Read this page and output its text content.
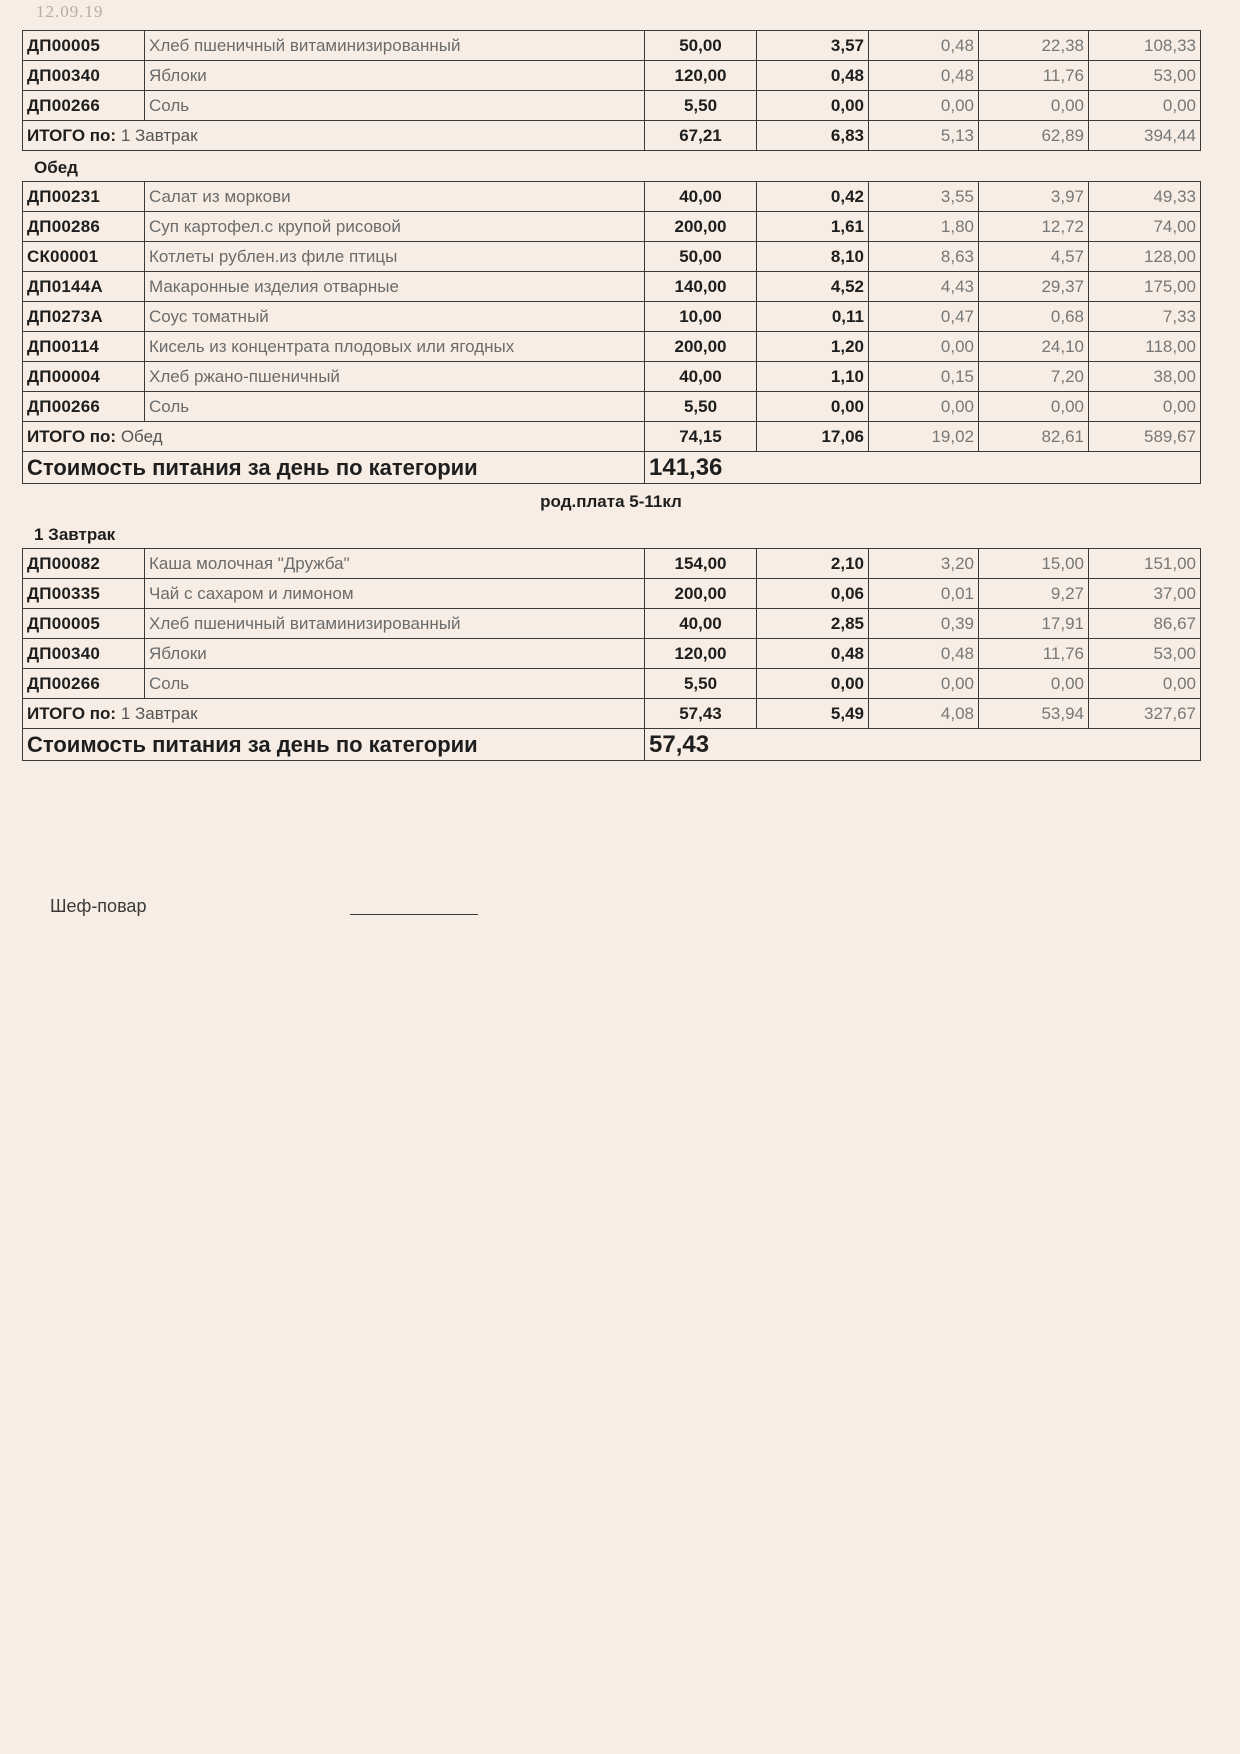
12.09.19
ДП00005	Хлеб пшеничный витаминизированный	50,00	3,57	0,48	22,38	108,33
ДП00340	Яблоки	120,00	0,48	0,48	11,76	53,00
ДП00266	Соль	5,50	0,00	0,00	0,00	0,00
ИТОГО по: 1 Завтрак		67,21	6,83	5,13	62,89	394,44
Обед
ДП00231	Салат из моркови	40,00	0,42	3,55	3,97	49,33
ДП00286	Суп картофел.с крупой рисовой	200,00	1,61	1,80	12,72	74,00
СК00001	Котлеты рублен.из филе птицы	50,00	8,10	8,63	4,57	128,00
ДП0144А	Макаронные изделия отварные	140,00	4,52	4,43	29,37	175,00
ДП0273А	Соус томатный	10,00	0,11	0,47	0,68	7,33
ДП00114	Кисель из концентрата плодовых или ягодных	200,00	1,20	0,00	24,10	118,00
ДП00004	Хлеб ржано-пшеничный	40,00	1,10	0,15	7,20	38,00
ДП00266	Соль	5,50	0,00	0,00	0,00	0,00
ИТОГО по: Обед		74,15	17,06	19,02	82,61	589,67
Стоимость питания за день по категории		141,36				
род.плата 5-11кл
1 Завтрак
ДП00082	Каша молочная "Дружба"	154,00	2,10	3,20	15,00	151,00
ДП00335	Чай с сахаром и лимоном	200,00	0,06	0,01	9,27	37,00
ДП00005	Хлеб пшеничный витаминизированный	40,00	2,85	0,39	17,91	86,67
ДП00340	Яблоки	120,00	0,48	0,48	11,76	53,00
ДП00266	Соль	5,50	0,00	0,00	0,00	0,00
ИТОГО по: 1 Завтрак		57,43	5,49	4,08	53,94	327,67
Стоимость питания за день по категории		57,43				
Шеф-повар
